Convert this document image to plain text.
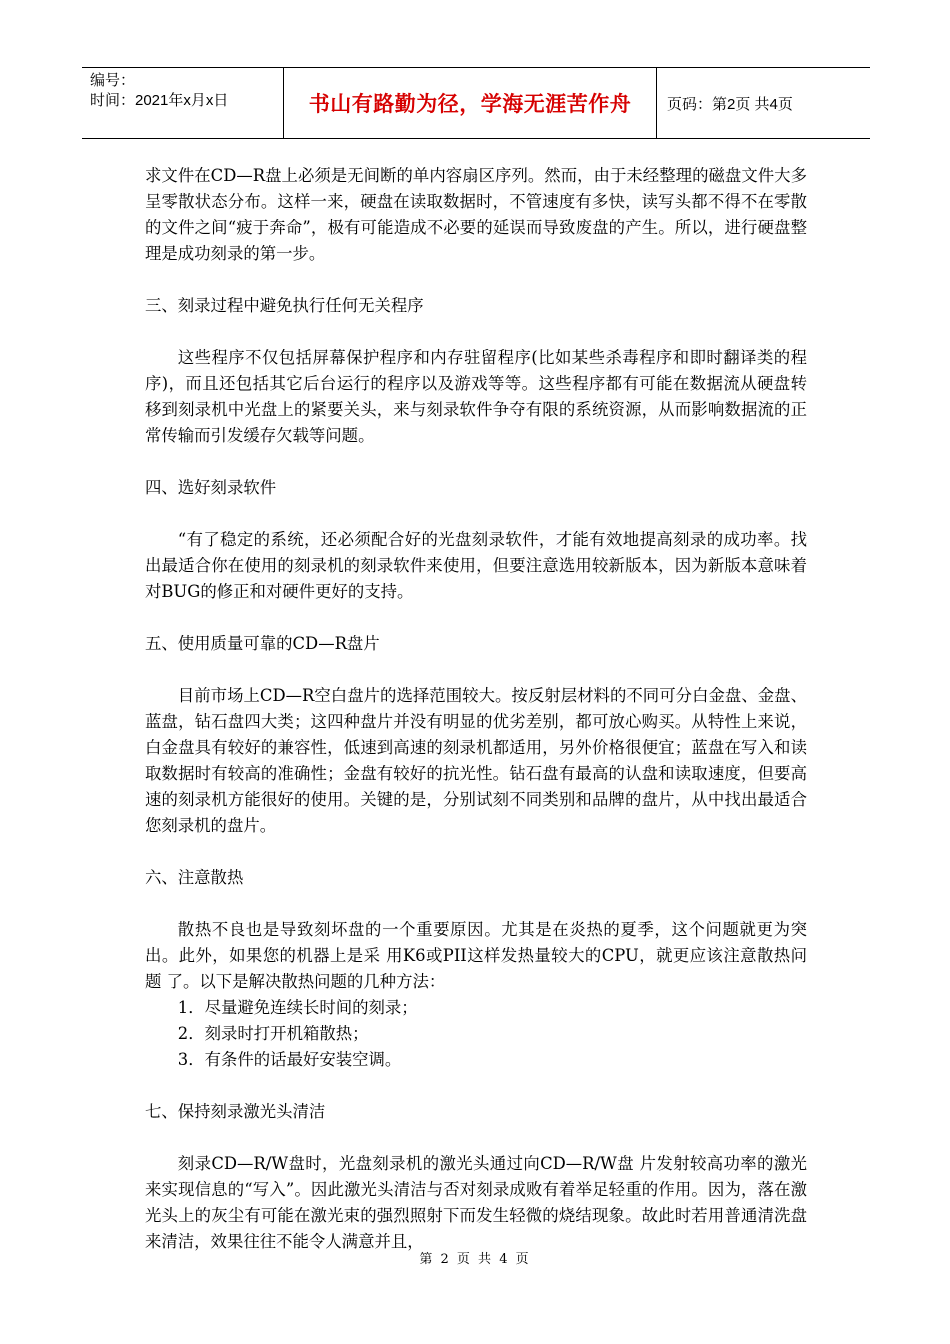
编号：
时间：2021年x月x日	书山有路勤为径，学海无涯苦作舟	页码：第2页 共4页

求文件在CD—R盘上必须是无间断的单内容扇区序列。然而，由于未经整理的磁盘文件大多呈零散状态分布。这样一来，硬盘在读取数据时，不管速度有多快，读写头都不得不在零散的文件之间“疲于奔命”，极有可能造成不必要的延误而导致废盘的产生。所以，进行硬盘整理是成功刻录的第一步。

三、刻录过程中避免执行任何无关程序

这些程序不仅包括屏幕保护程序和内存驻留程序(比如某些杀毒程序和即时翻译类的程序)，而且还包括其它后台运行的程序以及游戏等等。这些程序都有可能在数据流从硬盘转移到刻录机中光盘上的紧要关头，来与刻录软件争夺有限的系统资源，从而影响数据流的正常传输而引发缓存欠载等问题。

四、选好刻录软件

“有了稳定的系统，还必须配合好的光盘刻录软件，才能有效地提高刻录的成功率。找出最适合你在使用的刻录机的刻录软件来使用，但要注意选用较新版本，因为新版本意味着对BUG的修正和对硬件更好的支持。

五、使用质量可靠的CD—R盘片

目前市场上CD—R空白盘片的选择范围较大。按反射层材料的不同可分白金盘、金盘、蓝盘，钻石盘四大类；这四种盘片并没有明显的优劣差别，都可放心购买。从特性上来说，白金盘具有较好的兼容性，低速到高速的刻录机都适用，另外价格很便宜；蓝盘在写入和读取数据时有较高的准确性；金盘有较好的抗光性。钻石盘有最高的认盘和读取速度，但要高速的刻录机方能很好的使用。关键的是，分别试刻不同类别和品牌的盘片，从中找出最适合您刻录机的盘片。

六、注意散热

散热不良也是导致刻坏盘的一个重要原因。尤其是在炎热的夏季，这个问题就更为突出。此外，如果您的机器上是采 用K6或PII这样发热量较大的CPU，就更应该注意散热问题 了。以下是解决散热问题的几种方法：

1．尽量避免连续长时间的刻录；

2．刻录时打开机箱散热；

3．有条件的话最好安装空调。

七、保持刻录激光头清洁

刻录CD—R/W盘时，光盘刻录机的激光头通过向CD—R/W盘 片发射较高功率的激光来实现信息的“写入”。因此激光头清洁与否对刻录成败有着举足轻重的作用。因为，落在激光头上的灰尘有可能在激光束的强烈照射下而发生轻微的烧结现象。故此时若用普通清洗盘来清洁，效果往往不能令人满意并且，

第 2 页 共 4 页
